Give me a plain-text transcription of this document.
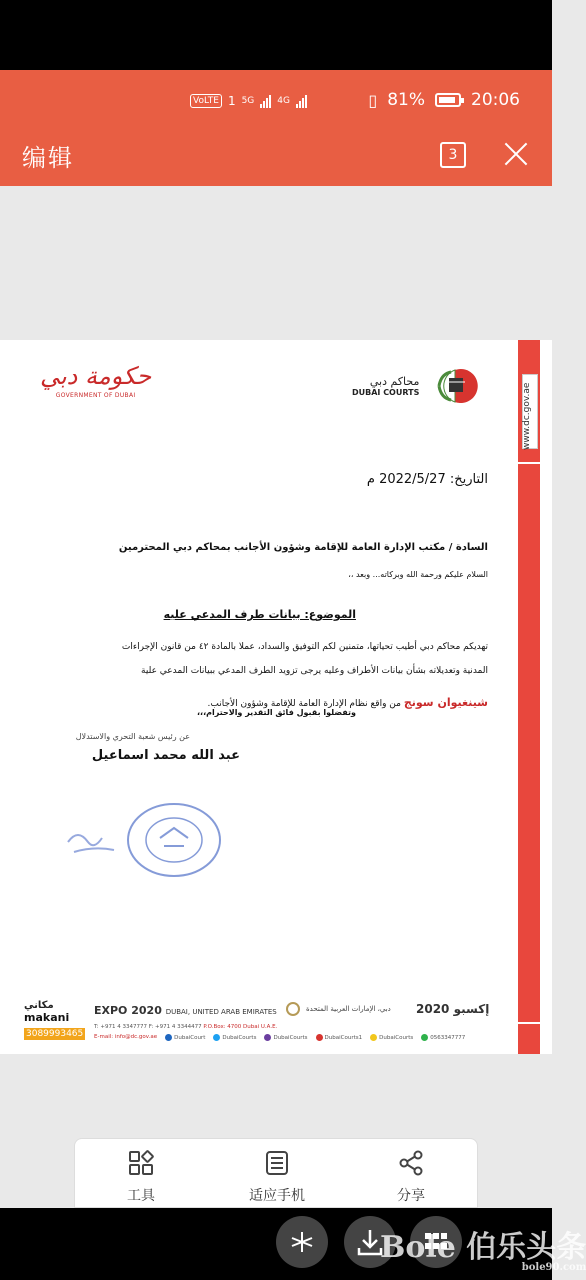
VoLTE 1 5G	4G	▯ 81%	20:06
编辑	3
www.dc.gov.ae
حكومة دبي
GOVERNMENT OF DUBAI
محاكم دبي
DUBAI COURTS
التاريخ: 2022/5/27 م
السادة / مكتب الإدارة العامة للإقامة وشؤون الأجانب بمحاكم دبي المحترمين
السلام عليكم ورحمة الله وبركاته... وبعد ،،
الموضوع: بيانات طرف المدعي عليه
تهديكم محاكم دبي أطيب تحياتها، متمنين لكم التوفيق والسداد، عملا بالمادة ٤٢ من قانون الإجراءات
المدنية وتعديلاته بشأن بيانات الأطراف وعليه يرجى تزويد الطرف المدعي ببيانات المدعي علية
شينغيوان سونج من واقع نظام الإدارة العامة للإقامة وشؤون الأجانب.
وتفضلوا بقبول فائق التقدير والاحترام،،،
عن رئيس شعبة التحري والاستدلال
عبد الله محمد اسماعيل
مكاني
makani
3089993465
EXPO 2020 DUBAI, UNITED ARAB EMIRATES	دبي، الإمارات العربية المتحدة إكسبو 2020
T: +971 4 3347777 F: +971 4 3344477 P.O.Box: 4700 Dubai U.A.E.
E-mail: info@dc.gov.ae	DubaiCourt	DubaiCourts	DubaiCourts	DubaiCourts1	DubaiCourts	0563347777
工具	适应手机	分享
Bole 伯乐头条
bole90.com
